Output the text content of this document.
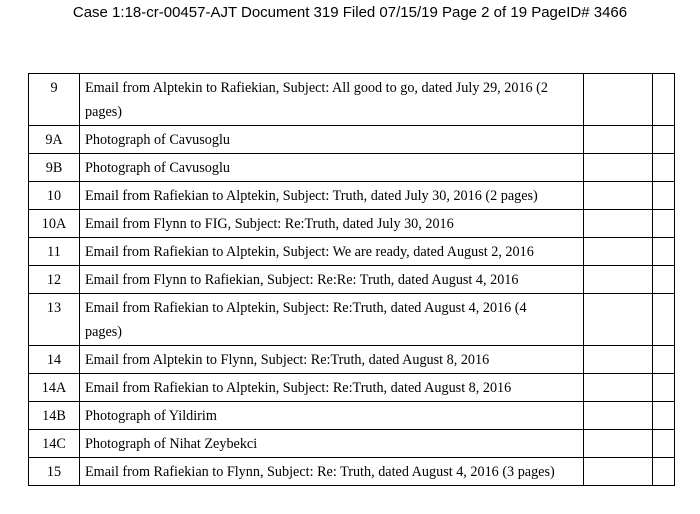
Case 1:18-cr-00457-AJT Document 319 Filed 07/15/19 Page 2 of 19 PageID# 3466
9	Email from Alptekin to Rafiekian, Subject: All good to go, dated July 29, 2016 (2 pages)		
9A	Photograph of Cavusoglu		
9B	Photograph of Cavusoglu		
10	Email from Rafiekian to Alptekin, Subject: Truth, dated July 30, 2016 (2 pages)		
10A	Email from Flynn to FIG, Subject: Re:Truth, dated July 30, 2016		
11	Email from Rafiekian to Alptekin, Subject: We are ready, dated August 2, 2016		
12	Email from Flynn to Rafiekian, Subject: Re:Re: Truth, dated August 4, 2016		
13	Email from Rafiekian to Alptekin, Subject: Re:Truth, dated August 4, 2016 (4 pages)		
14	Email from Alptekin to Flynn, Subject: Re:Truth, dated August 8, 2016		
14A	Email from Rafiekian to Alptekin, Subject: Re:Truth, dated August 8, 2016		
14B	Photograph of Yildirim		
14C	Photograph of Nihat Zeybekci		
15	Email from Rafiekian to Flynn, Subject: Re: Truth, dated August 4, 2016 (3 pages)		
